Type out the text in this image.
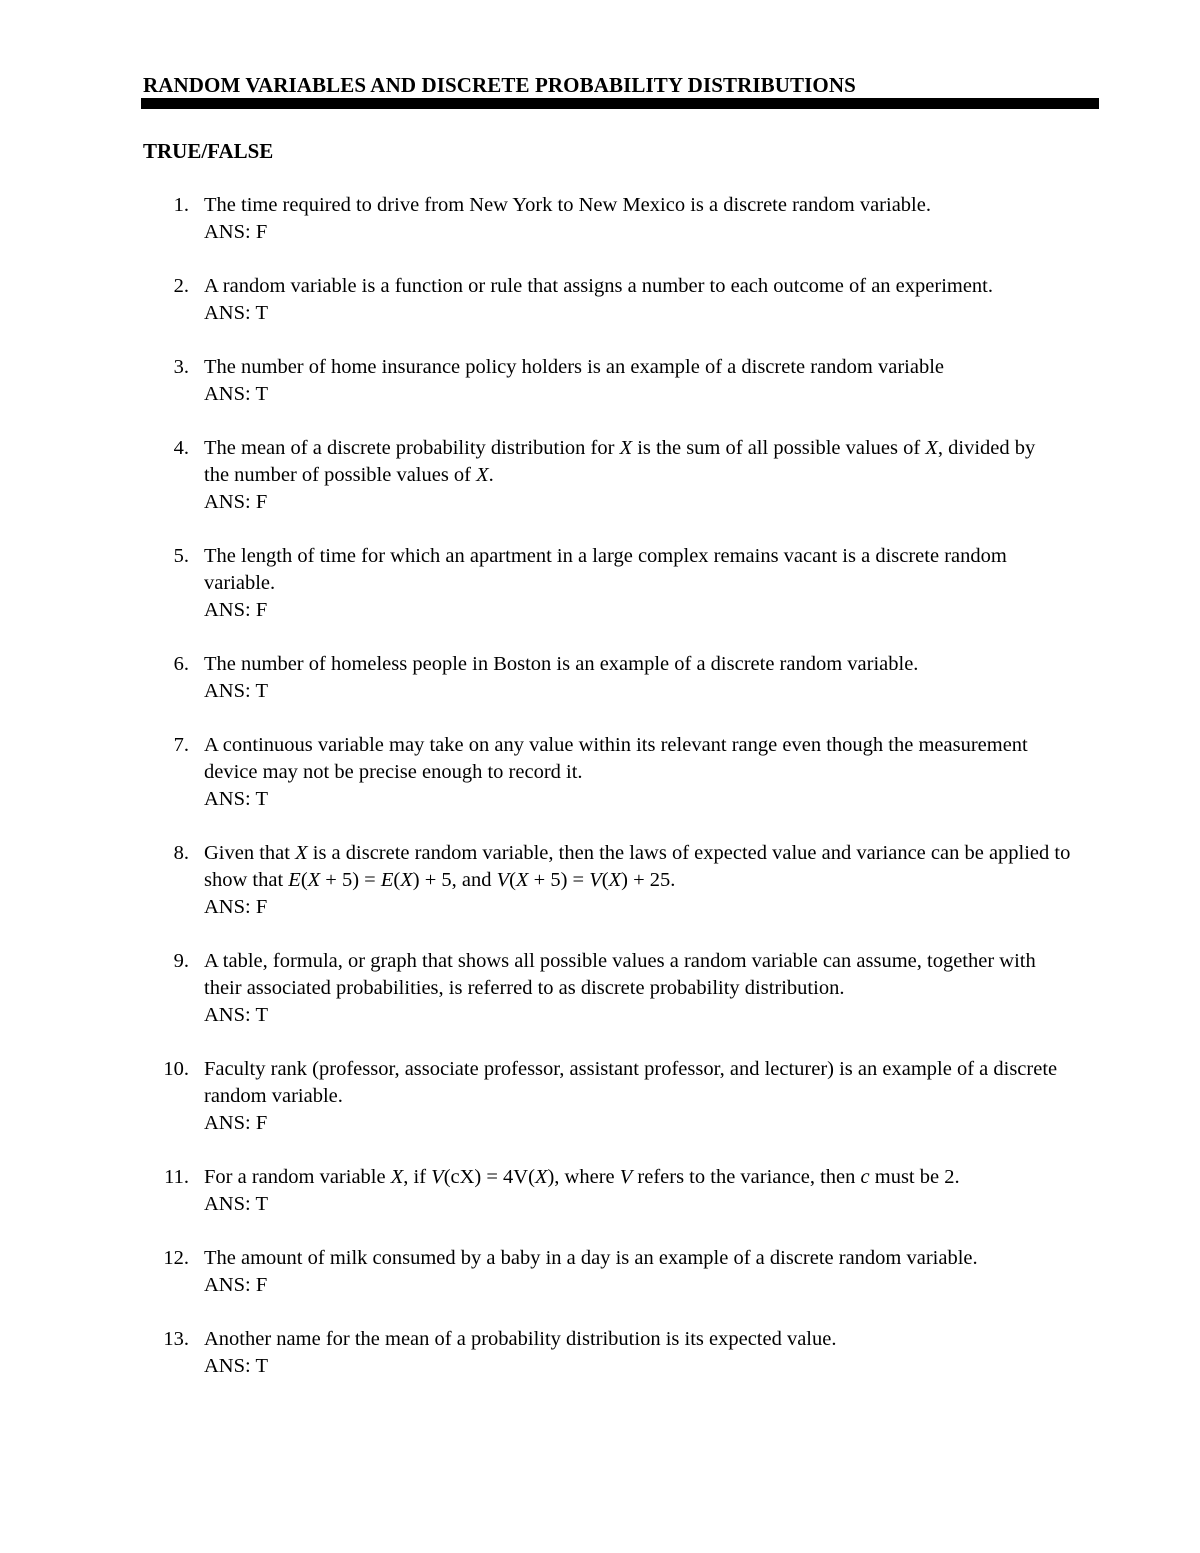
RANDOM VARIABLES AND DISCRETE PROBABILITY DISTRIBUTIONS
TRUE/FALSE
1. The time required to drive from New York to New Mexico is a discrete random variable.
ANS: F
2. A random variable is a function or rule that assigns a number to each outcome of an experiment.
ANS: T
3. The number of home insurance policy holders is an example of a discrete random variable
ANS: T
4. The mean of a discrete probability distribution for X is the sum of all possible values of X, divided by the number of possible values of X.
ANS: F
5. The length of time for which an apartment in a large complex remains vacant is a discrete random variable.
ANS: F
6. The number of homeless people in Boston is an example of a discrete random variable.
ANS: T
7. A continuous variable may take on any value within its relevant range even though the measurement device may not be precise enough to record it.
ANS: T
8. Given that X is a discrete random variable, then the laws of expected value and variance can be applied to show that E(X + 5) = E(X) + 5, and V(X + 5) = V(X) + 25.
ANS: F
9. A table, formula, or graph that shows all possible values a random variable can assume, together with their associated probabilities, is referred to as discrete probability distribution.
ANS: T
10. Faculty rank (professor, associate professor, assistant professor, and lecturer) is an example of a discrete random variable.
ANS: F
11. For a random variable X, if V(cX) = 4V(X), where V refers to the variance, then c must be 2.
ANS: T
12. The amount of milk consumed by a baby in a day is an example of a discrete random variable.
ANS: F
13. Another name for the mean of a probability distribution is its expected value.
ANS: T
